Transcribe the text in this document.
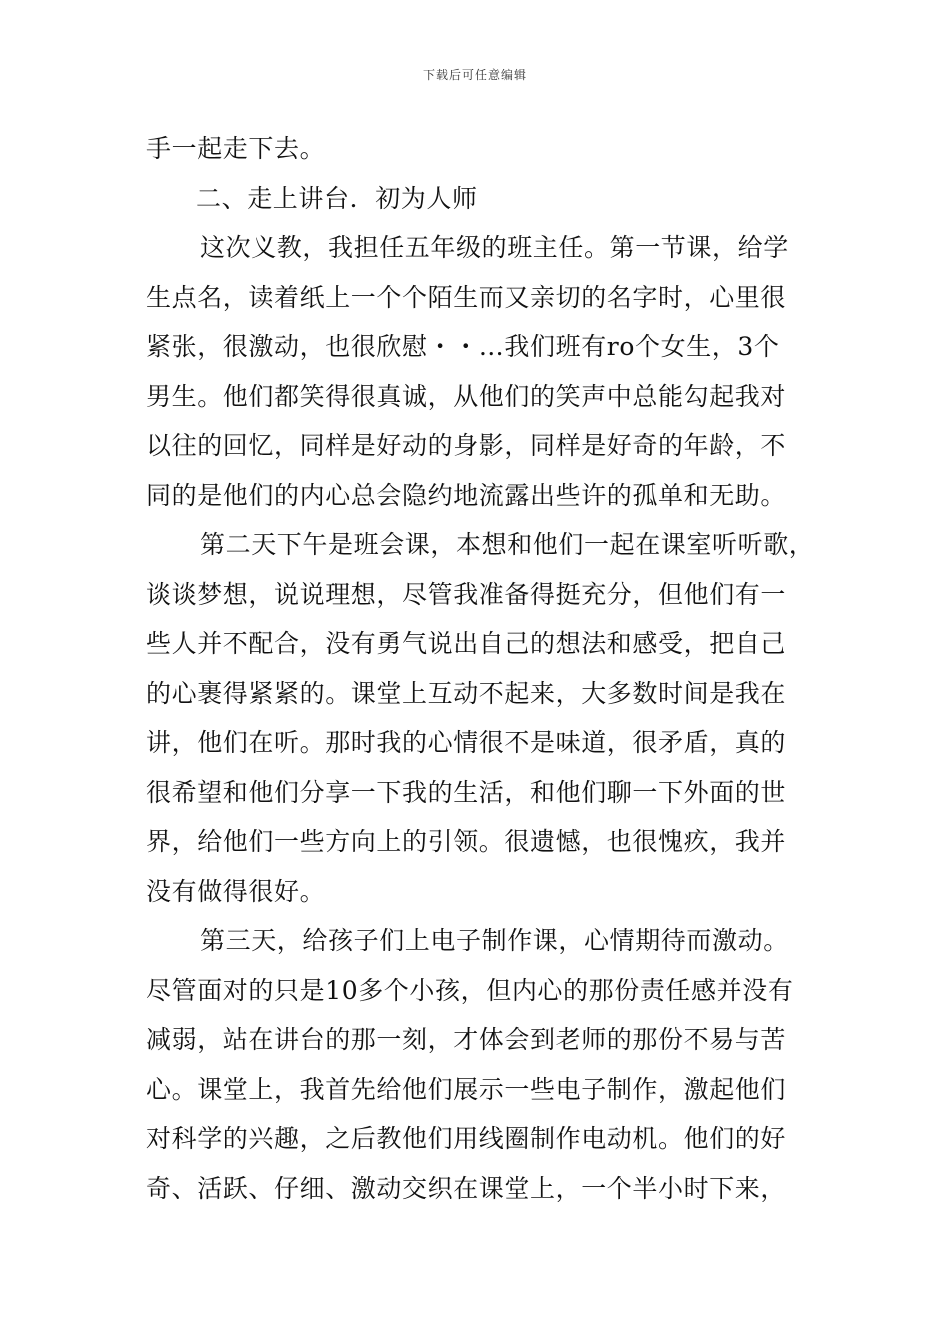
下载后可任意编辑
手一起走下去。
二、走上讲台．初为人师
这次义教，我担任五年级的班主任。第一节课，给学
生点名，读着纸上一个个陌生而又亲切的名字时，心里很
紧张，很激动，也很欣慰・・…我们班有ro个女生，3个
男生。他们都笑得很真诚，从他们的笑声中总能勾起我对
以往的回忆，同样是好动的身影，同样是好奇的年龄，不
同的是他们的内心总会隐约地流露出些许的孤单和无助。
第二天下午是班会课，本想和他们一起在课室听听歌，
谈谈梦想，说说理想，尽管我准备得挺充分，但他们有一
些人并不配合，没有勇气说出自己的想法和感受，把自己
的心裹得紧紧的。课堂上互动不起来，大多数时间是我在
讲，他们在听。那时我的心情很不是味道，很矛盾，真的
很希望和他们分享一下我的生活，和他们聊一下外面的世
界，给他们一些方向上的引领。很遗憾，也很愧疚，我并
没有做得很好。
第三天，给孩子们上电子制作课，心情期待而激动。
尽管面对的只是10多个小孩，但内心的那份责任感并没有
减弱，站在讲台的那一刻，才体会到老师的那份不易与苦
心。课堂上，我首先给他们展示一些电子制作，激起他们
对科学的兴趣，之后教他们用线圈制作电动机。他们的好
奇、活跃、仔细、激动交织在课堂上，一个半小时下来，
